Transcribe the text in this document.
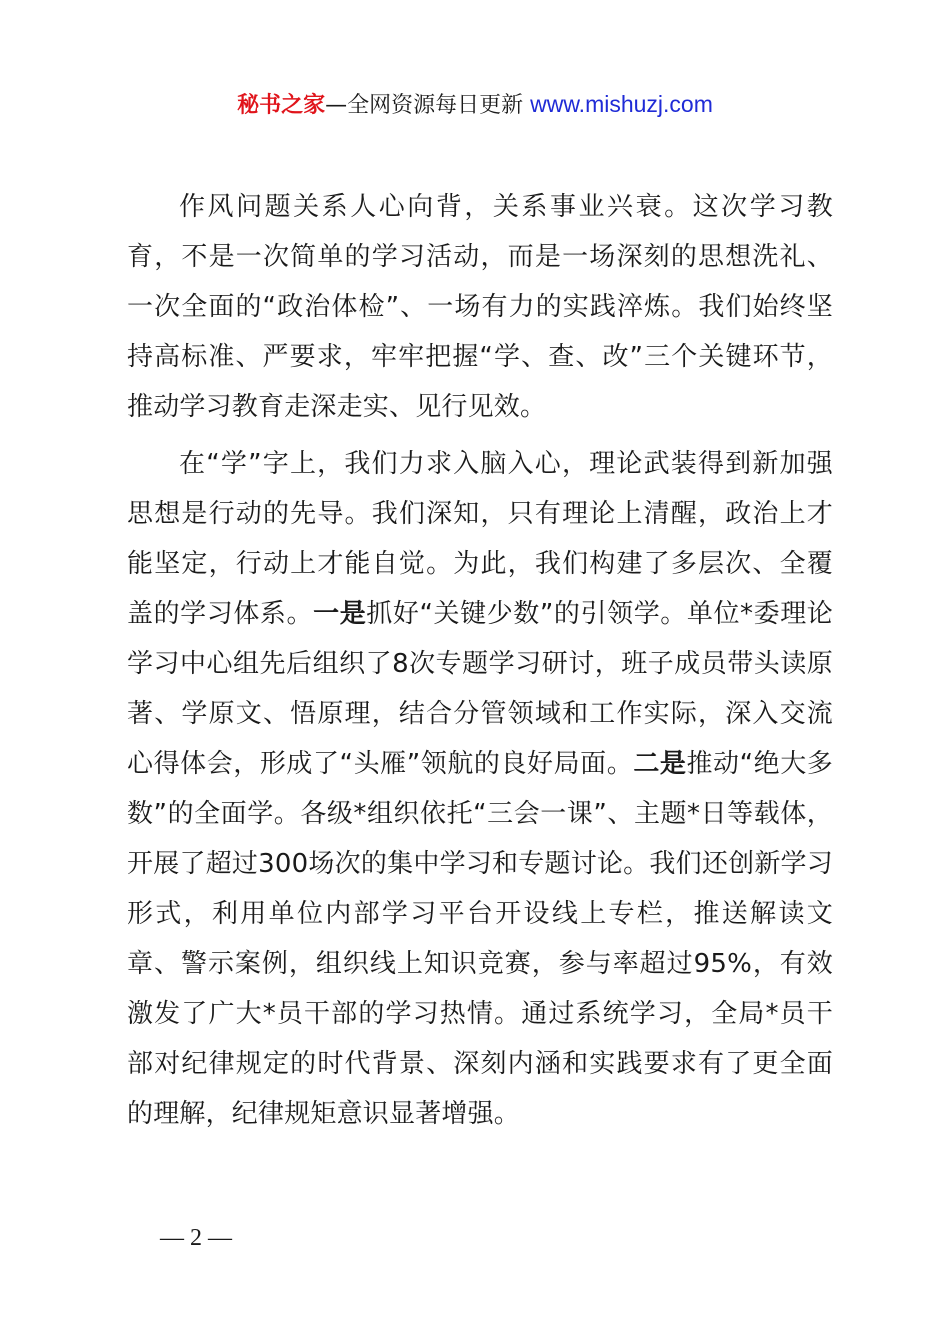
秘书之家—全网资源每日更新 www.mishuzj.com

作风问题关系人心向背，关系事业兴衰。这次学习教育，不是一次简单的学习活动，而是一场深刻的思想洗礼、一次全面的“政治体检”、一场有力的实践淬炼。我们始终坚持高标准、严要求，牢牢把握“学、查、改”三个关键环节，推动学习教育走深走实、见行见效。

在“学”字上，我们力求入脑入心，理论武装得到新加强思想是行动的先导。我们深知，只有理论上清醒，政治上才能坚定，行动上才能自觉。为此，我们构建了多层次、全覆盖的学习体系。一是抓好“关键少数”的引领学。单位*委理论学习中心组先后组织了8次专题学习研讨，班子成员带头读原著、学原文、悟原理，结合分管领域和工作实际，深入交流心得体会，形成了“头雁”领航的良好局面。二是推动“绝大多数”的全面学。各级*组织依托“三会一课”、主题*日等载体，开展了超过300场次的集中学习和专题讨论。我们还创新学习形式，利用单位内部学习平台开设线上专栏，推送解读文章、警示案例，组织线上知识竞赛，参与率超过95%，有效激发了广大*员干部的学习热情。通过系统学习，全局*员干部对纪律规定的时代背景、深刻内涵和实践要求有了更全面的理解，纪律规矩意识显著增强。

— 2 —
